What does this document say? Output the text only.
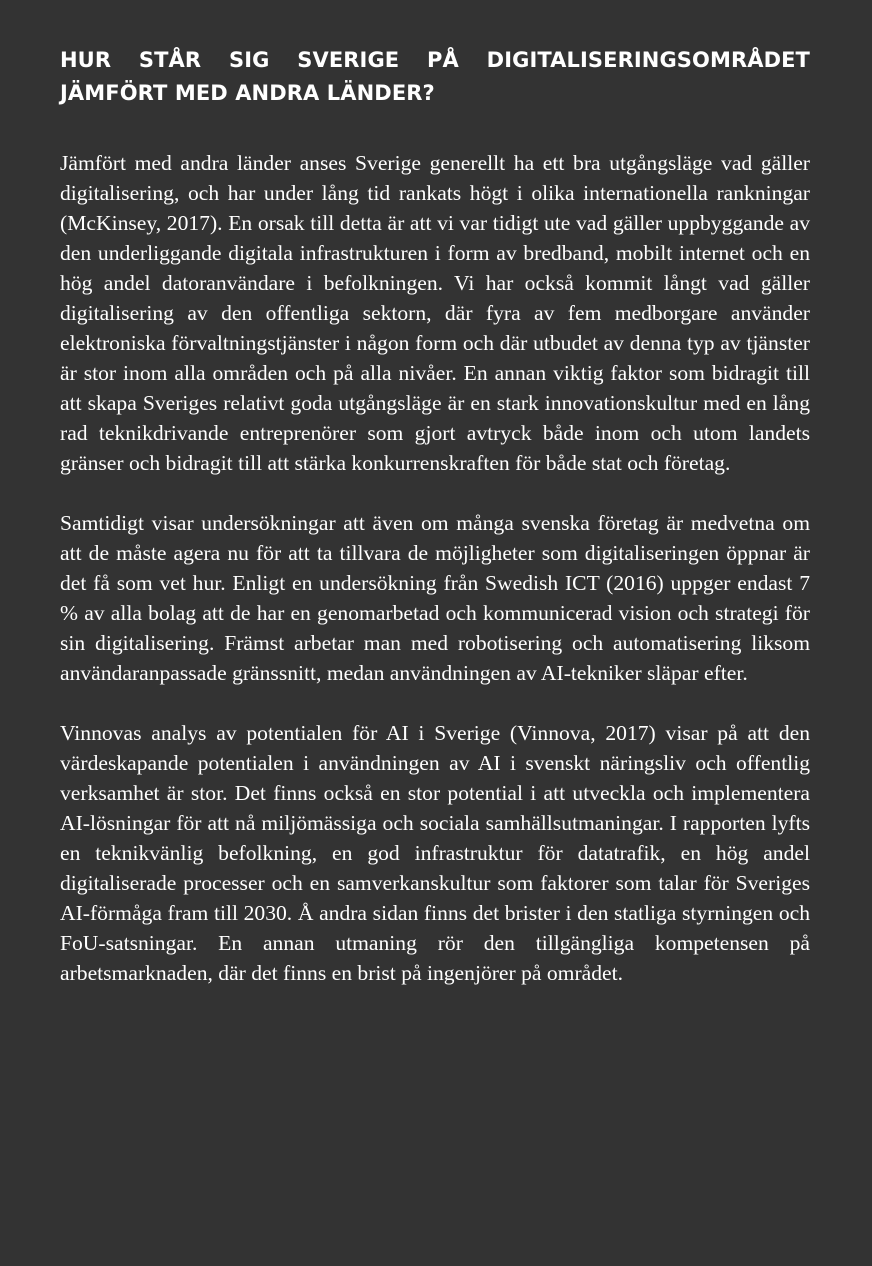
HUR STÅR SIG SVERIGE PÅ DIGITALISERINGSOMRÅDET
JÄMFÖRT MED ANDRA LÄNDER?

Jämfört med andra länder anses Sverige generellt ha ett bra utgångsläge vad gäller digitalisering, och har under lång tid rankats högt i olika internationella rankningar (McKinsey, 2017). En orsak till detta är att vi var tidigt ute vad gäller uppbyggande av den underliggande digitala infrastrukturen i form av bredband, mobilt internet och en hög andel datoranvändare i befolkningen. Vi har också kommit långt vad gäller digitalisering av den offentliga sektorn, där fyra av fem medborgare använder elektroniska förvaltningstjänster i någon form och där utbudet av denna typ av tjänster är stor inom alla områden och på alla nivåer. En annan viktig faktor som bidragit till att skapa Sveriges relativt goda utgångsläge är en stark innovationskultur med en lång rad teknikdrivande entreprenörer som gjort avtryck både inom och utom landets gränser och bidragit till att stärka konkurrenskraften för både stat och företag.

Samtidigt visar undersökningar att även om många svenska företag är medvetna om att de måste agera nu för att ta tillvara de möjligheter som digitaliseringen öppnar är det få som vet hur. Enligt en undersökning från Swedish ICT (2016) uppger endast 7 % av alla bolag att de har en genomarbetad och kommunicerad vision och strategi för sin digitalisering. Främst arbetar man med robotisering och automatisering liksom användaranpassade gränssnitt, medan användningen av AI-tekniker släpar efter.

Vinnovas analys av potentialen för AI i Sverige (Vinnova, 2017) visar på att den värdeskapande potentialen i användningen av AI i svenskt näringsliv och offentlig verksamhet är stor. Det finns också en stor potential i att utveckla och implementera AI-lösningar för att nå miljömässiga och sociala samhällsutmaningar. I rapporten lyfts en teknikvänlig befolkning, en god infrastruktur för datatrafik, en hög andel digitaliserade processer och en samverkanskultur som faktorer som talar för Sveriges AI-förmåga fram till 2030. Å andra sidan finns det brister i den statliga styrningen och FoU-satsningar. En annan utmaning rör den tillgängliga kompetensen på arbetsmarknaden, där det finns en brist på ingenjörer på området.
